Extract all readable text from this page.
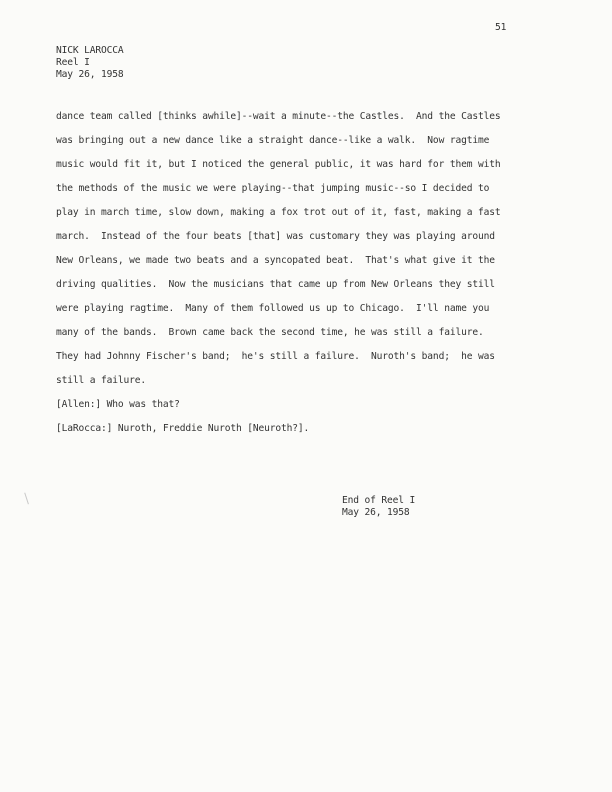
51
NICK LAROCCA
Reel I
May 26, 1958
dance team called [thinks awhile]--wait a minute--the Castles.  And the Castles
was bringing out a new dance like a straight dance--like a walk.  Now ragtime
music would fit it, but I noticed the general public, it was hard for them with
the methods of the music we were playing--that jumping music--so I decided to
play in march time, slow down, making a fox trot out of it, fast, making a fast
march.  Instead of the four beats [that] was customary they was playing around
New Orleans, we made two beats and a syncopated beat.  That's what give it the
driving qualities.  Now the musicians that came up from New Orleans they still
were playing ragtime.  Many of them followed us up to Chicago.  I'll name you
many of the bands.  Brown came back the second time, he was still a failure.
They had Johnny Fischer's band;  he's still a failure.  Nuroth's band;  he was
still a failure.
[Allen:] Who was that?
[LaRocca:] Nuroth, Freddie Nuroth [Neuroth?].
End of Reel I
May 26, 1958
